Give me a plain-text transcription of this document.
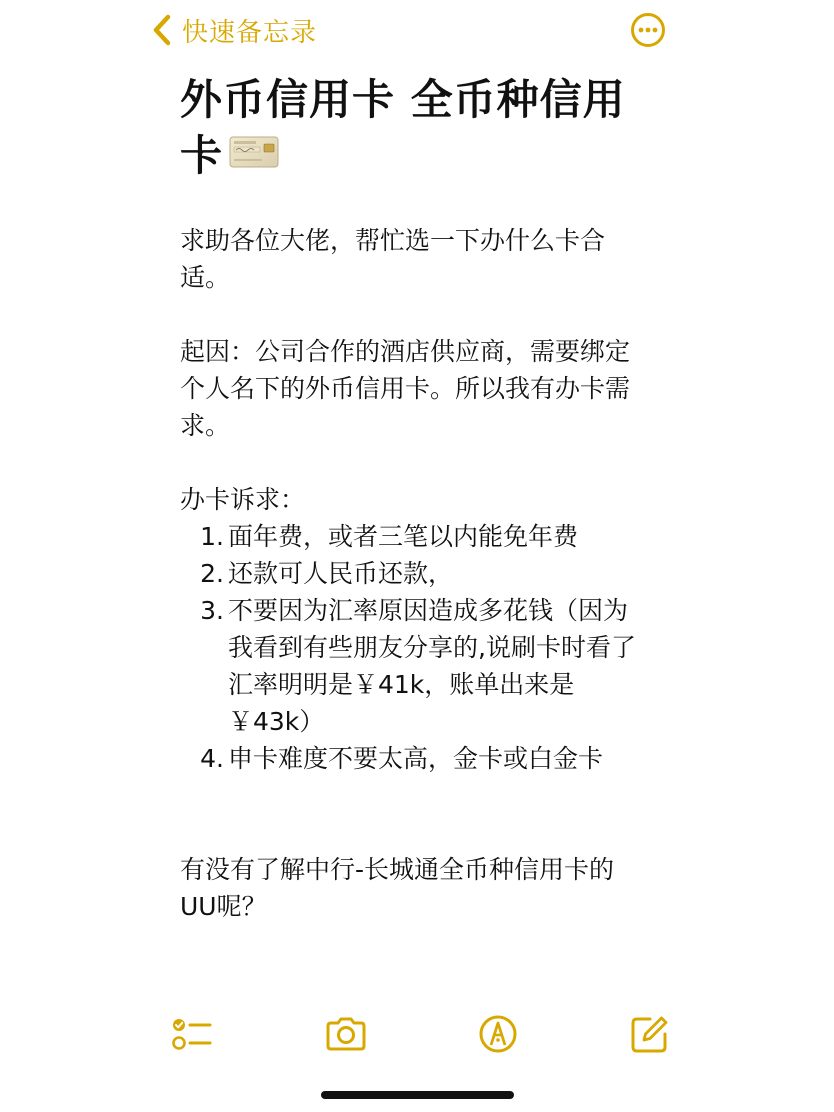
快速备忘录
外币信用卡 全币种信用卡

求助各位大佬，帮忙选一下办什么卡合适。

起因：公司合作的酒店供应商，需要绑定个人名下的外币信用卡。所以我有办卡需求。

办卡诉求：

1. 面年费，或者三笔以内能免年费
2. 还款可人民币还款，
3. 不要因为汇率原因造成多花钱（因为我看到有些朋友分享的,说刷卡时看了汇率明明是￥41k，账单出来是￥43k）
4. 申卡难度不要太高，金卡或白金卡

有没有了解中行-长城通全币种信用卡的UU呢？
